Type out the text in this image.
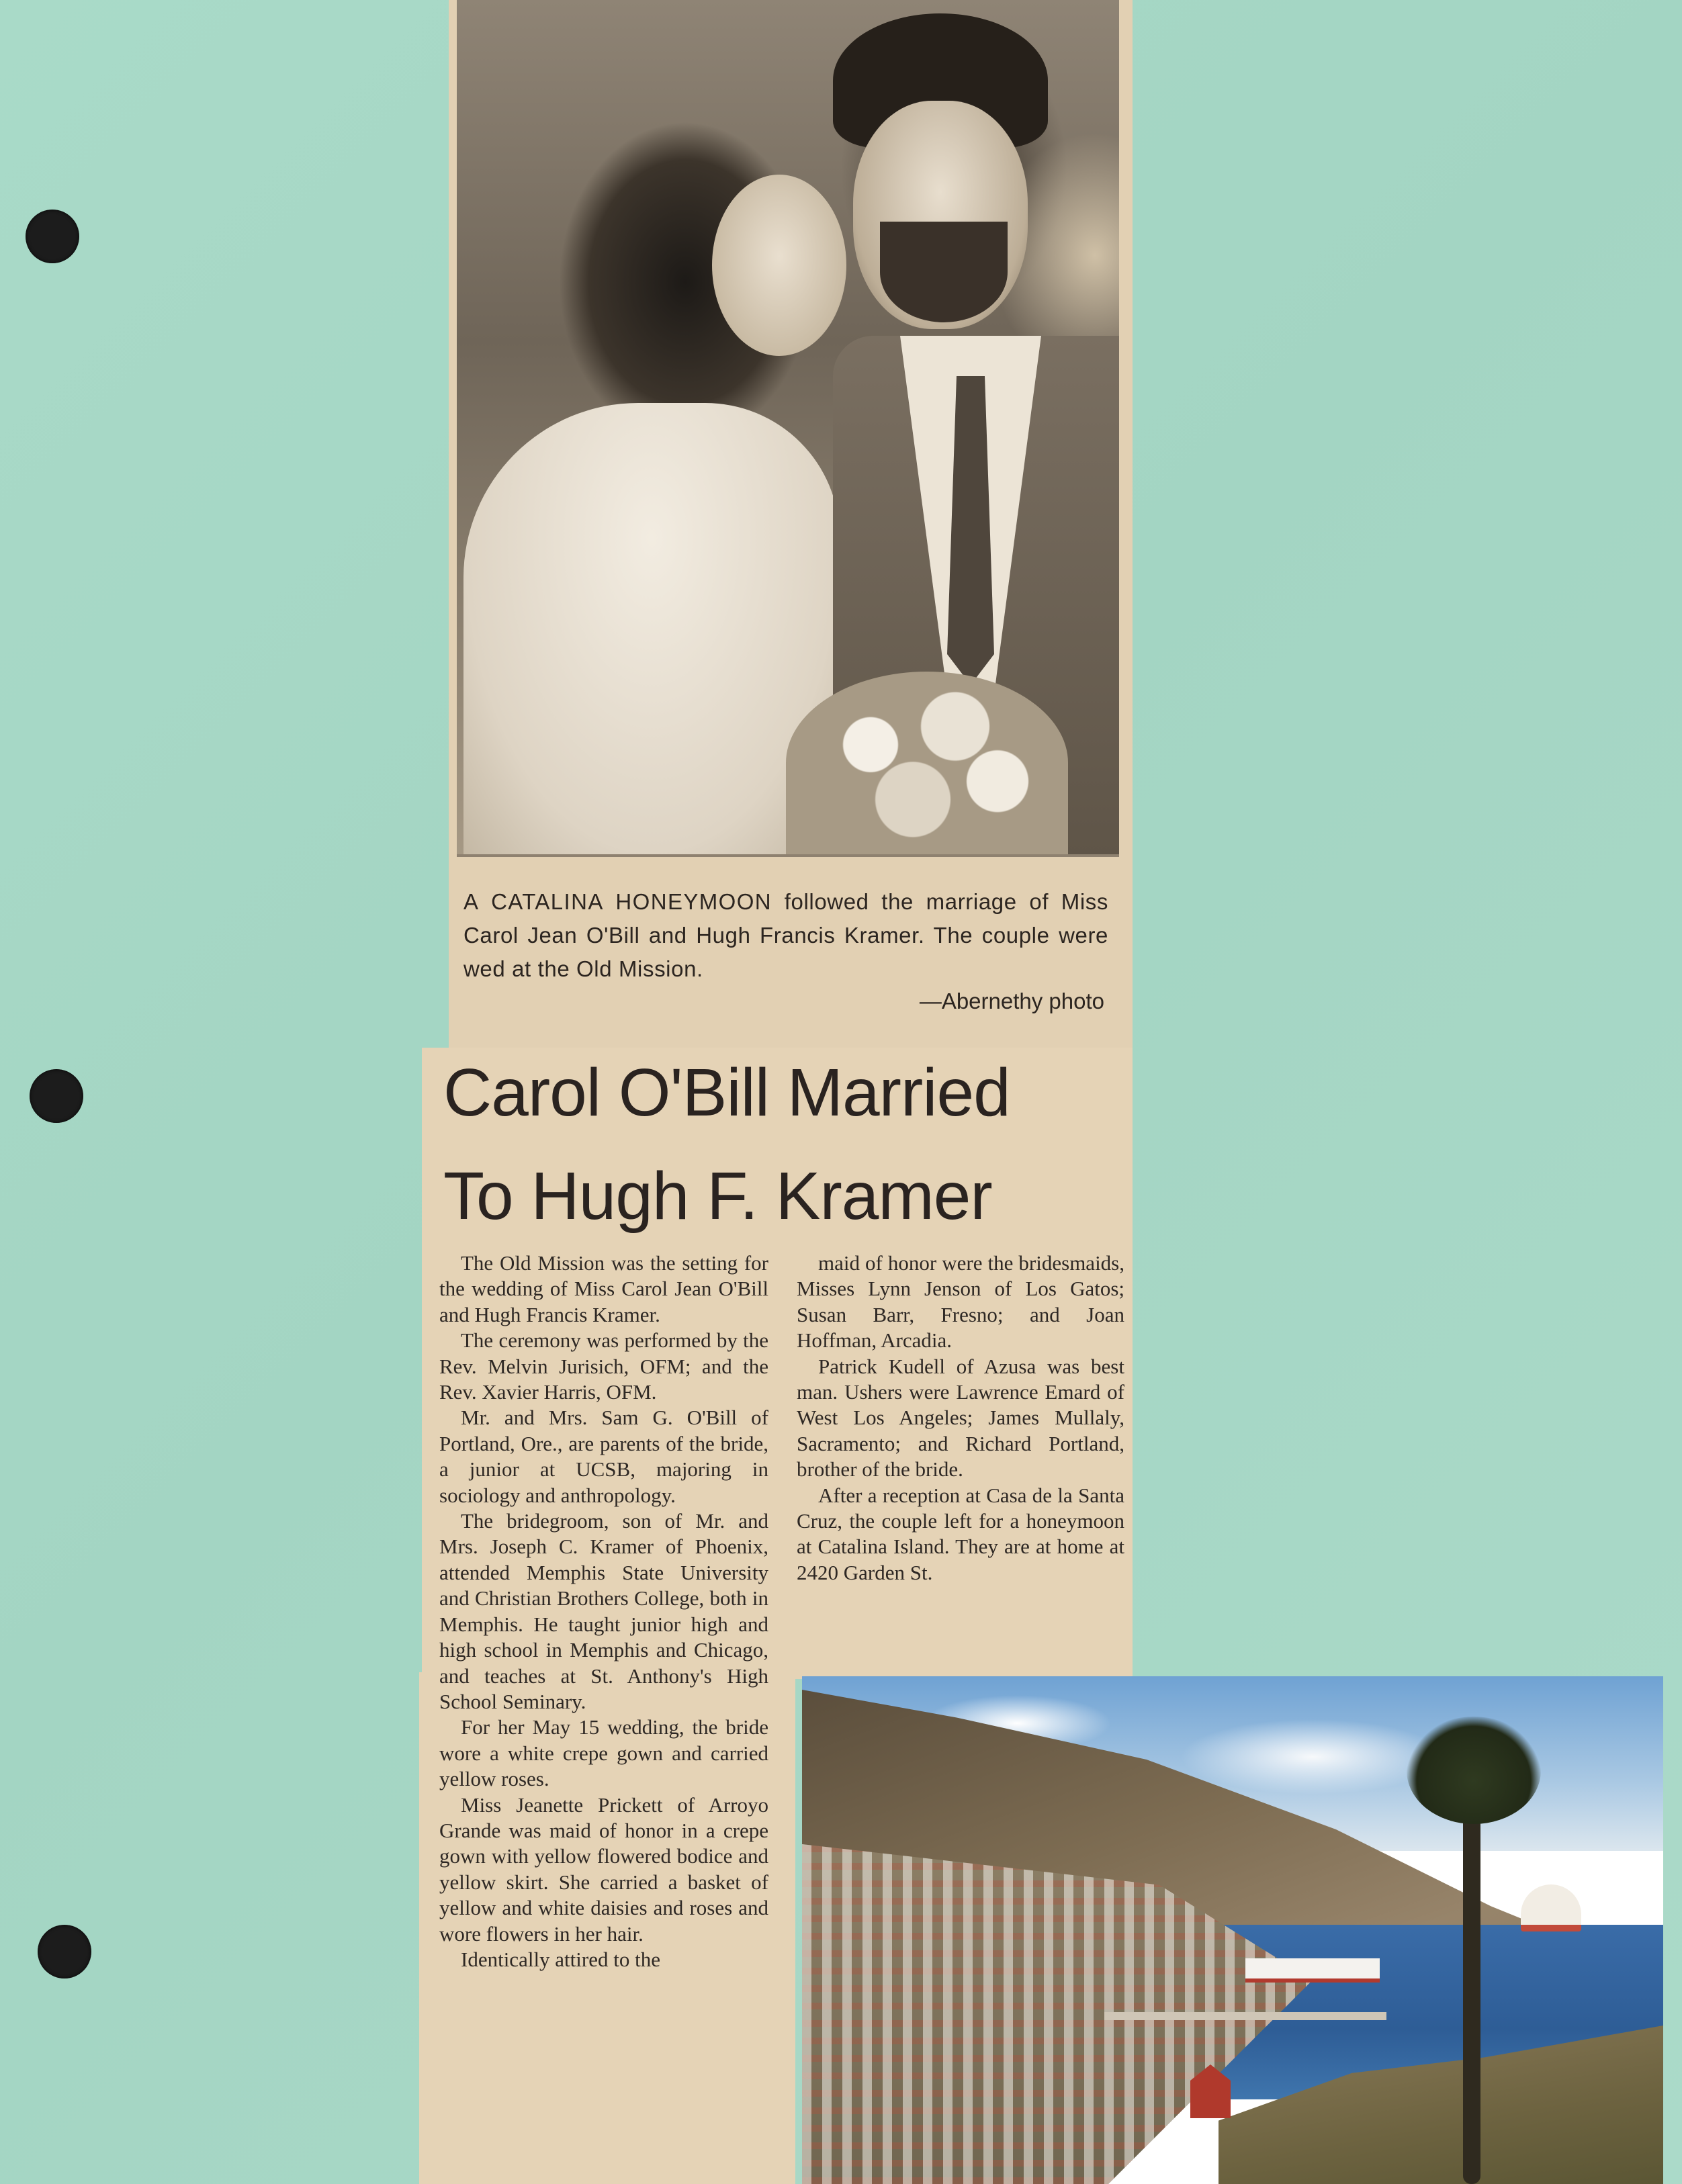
A CATALINA HONEYMOON followed the marriage of Miss Carol Jean O'Bill and Hugh Francis Kramer. The couple were wed at the Old Mission.
—Abernethy photo
Carol O'Bill Married
To Hugh F. Kramer

The Old Mission was the setting for the wedding of Miss Carol Jean O'Bill and Hugh Francis Kramer.

The ceremony was performed by the Rev. Melvin Jurisich, OFM; and the Rev. Xavier Harris, OFM.

Mr. and Mrs. Sam G. O'Bill of Portland, Ore., are parents of the bride, a junior at UCSB, majoring in sociology and anthropology.

The bridegroom, son of Mr. and Mrs. Joseph C. Kramer of Phoenix, attended Memphis State University and Christian Brothers College, both in Memphis. He taught junior high and high school in Memphis and Chicago, and teaches at St. Anthony's High School Seminary.

For her May 15 wedding, the bride wore a white crepe gown and carried yellow roses.

Miss Jeanette Prickett of Arroyo Grande was maid of honor in a crepe gown with yellow flowered bodice and yellow skirt. She carried a basket of yellow and white daisies and roses and wore flowers in her hair.

Identically attired to the

maid of honor were the bridesmaids, Misses Lynn Jenson of Los Gatos; Susan Barr, Fresno; and Joan Hoffman, Arcadia.

Patrick Kudell of Azusa was best man. Ushers were Lawrence Emard of West Los Angeles; James Mullaly, Sacramento; and Richard Portland, brother of the bride.

After a reception at Casa de la Santa Cruz, the couple left for a honeymoon at Catalina Island. They are at home at 2420 Garden St.
